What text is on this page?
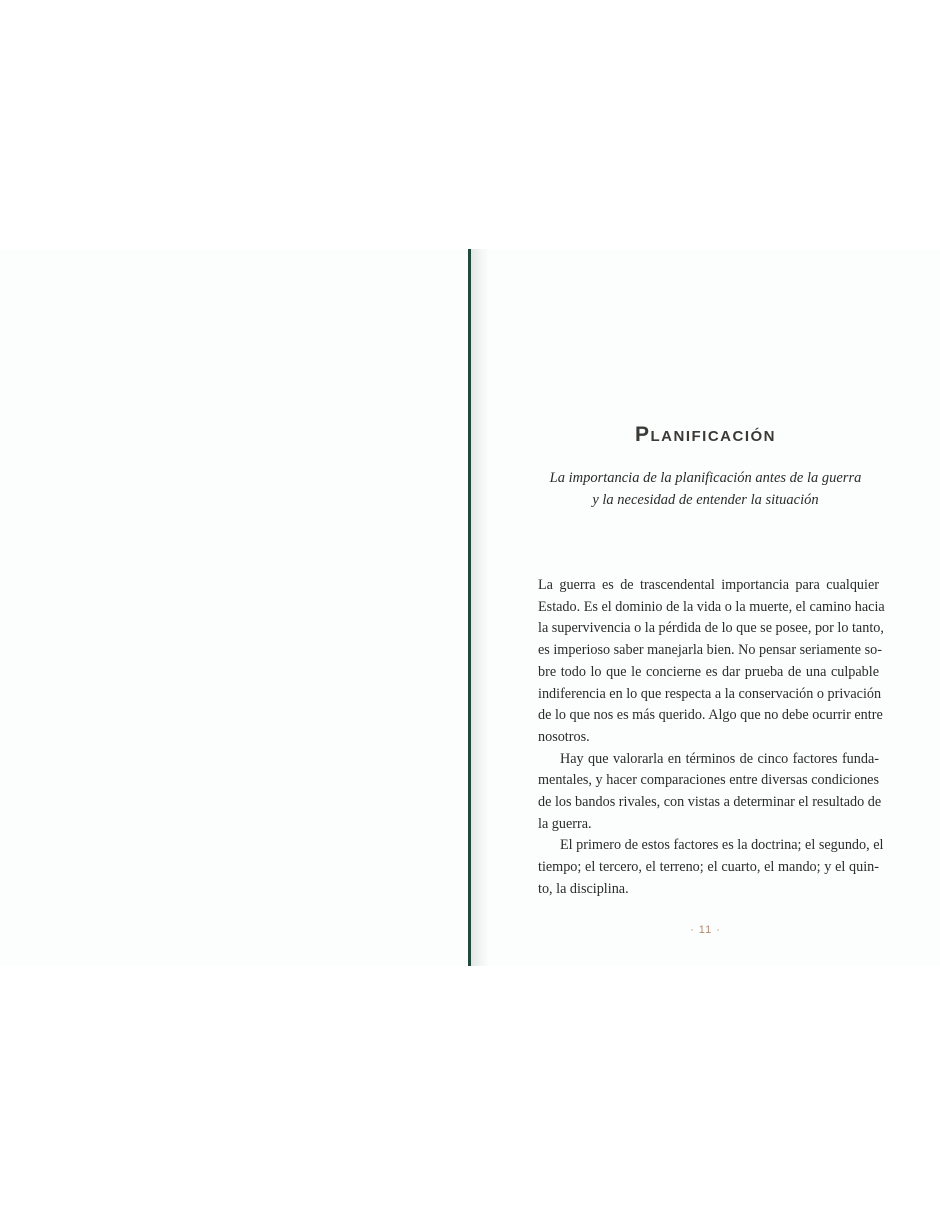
Planificación
La importancia de la planificación antes de la guerra
y la necesidad de entender la situación
La guerra es de trascendental importancia para cualquier
Estado. Es el dominio de la vida o la muerte, el camino hacia
la supervivencia o la pérdida de lo que se posee, por lo tanto,
es imperioso saber manejarla bien. No pensar seriamente so-
bre todo lo que le concierne es dar prueba de una culpable
indiferencia en lo que respecta a la conservación o privación
de lo que nos es más querido. Algo que no debe ocurrir entre
nosotros.
Hay que valorarla en términos de cinco factores funda-
mentales, y hacer comparaciones entre diversas condiciones
de los bandos rivales, con vistas a determinar el resultado de
la guerra.
El primero de estos factores es la doctrina; el segundo, el
tiempo; el tercero, el terreno; el cuarto, el mando; y el quin-
to, la disciplina.
· 11 ·
